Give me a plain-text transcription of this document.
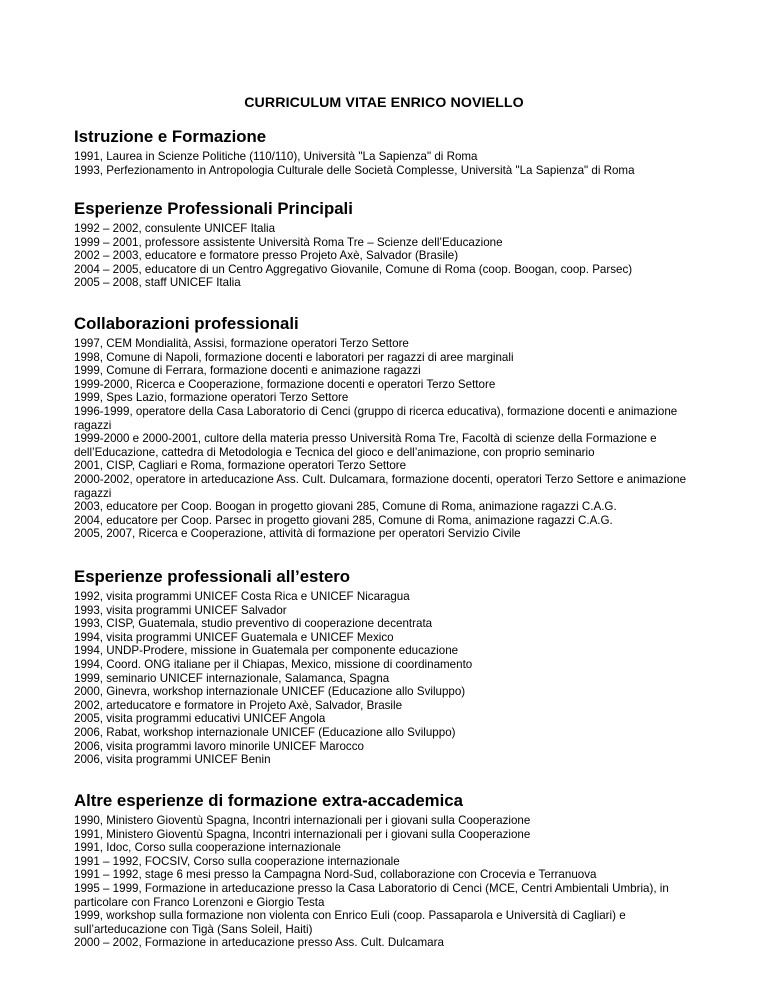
CURRICULUM VITAE ENRICO NOVIELLO
Istruzione e Formazione
1991, Laurea in Scienze Politiche (110/110), Università "La Sapienza" di Roma
1993, Perfezionamento in Antropologia Culturale delle Società Complesse, Università "La Sapienza" di Roma
Esperienze Professionali Principali
1992 – 2002, consulente UNICEF Italia
1999 – 2001, professore assistente Università Roma Tre – Scienze dell’Educazione
2002 – 2003, educatore e formatore presso Projeto Axè, Salvador (Brasile)
2004 – 2005, educatore di un Centro Aggregativo Giovanile, Comune di Roma (coop. Boogan, coop. Parsec)
2005 – 2008, staff UNICEF Italia
Collaborazioni professionali
1997, CEM Mondialità, Assisi, formazione operatori Terzo Settore
1998, Comune di Napoli, formazione docenti e laboratori per ragazzi di aree marginali
1999, Comune di Ferrara, formazione docenti e animazione ragazzi
1999-2000, Ricerca e Cooperazione, formazione docenti e operatori Terzo Settore
1999, Spes Lazio, formazione operatori Terzo Settore
1996-1999, operatore della Casa Laboratorio di Cenci (gruppo di ricerca educativa), formazione docenti e animazione ragazzi
1999-2000 e 2000-2001, cultore della materia presso Università Roma Tre, Facoltà di scienze della Formazione e dell’Educazione, cattedra di Metodologia e Tecnica del gioco e dell’animazione, con proprio seminario
2001, CISP, Cagliari e Roma, formazione operatori Terzo Settore
2000-2002, operatore in arteducazione Ass. Cult. Dulcamara, formazione docenti, operatori Terzo Settore e animazione ragazzi
2003, educatore per Coop. Boogan in progetto giovani 285, Comune di Roma, animazione ragazzi C.A.G.
2004, educatore per Coop. Parsec in progetto giovani 285, Comune di Roma, animazione ragazzi C.A.G.
2005, 2007, Ricerca e Cooperazione, attività di formazione per operatori Servizio Civile
Esperienze professionali all’estero
1992, visita programmi UNICEF Costa Rica e UNICEF Nicaragua
1993, visita programmi UNICEF Salvador
1993, CISP, Guatemala, studio preventivo di cooperazione decentrata
1994, visita programmi UNICEF Guatemala e UNICEF Mexico
1994, UNDP-Prodere, missione in Guatemala per componente educazione
1994, Coord. ONG italiane per il Chiapas, Mexico, missione di coordinamento
1999, seminario UNICEF internazionale, Salamanca, Spagna
2000, Ginevra, workshop internazionale UNICEF (Educazione allo Sviluppo)
2002, arteducatore e formatore in Projeto Axè, Salvador, Brasile
2005, visita programmi educativi UNICEF Angola
2006, Rabat, workshop internazionale UNICEF (Educazione allo Sviluppo)
2006, visita programmi lavoro minorile UNICEF Marocco
2006, visita programmi UNICEF Benin
Altre esperienze di formazione extra-accademica
1990, Ministero Gioventù Spagna, Incontri internazionali per i giovani sulla Cooperazione
1991, Ministero Gioventù Spagna, Incontri internazionali per i giovani sulla Cooperazione
1991, Idoc, Corso sulla cooperazione internazionale
1991 – 1992, FOCSIV, Corso sulla cooperazione internazionale
1991 – 1992, stage 6 mesi presso la Campagna Nord-Sud, collaborazione con Crocevia e Terranuova
1995 – 1999, Formazione in arteducazione presso la Casa Laboratorio di Cenci (MCE, Centri Ambientali Umbria), in particolare con Franco Lorenzoni e Giorgio Testa
1999, workshop sulla formazione non violenta con Enrico Euli (coop. Passaparola e Università di Cagliari) e sull’arteducazione con Tigà (Sans Soleil, Haiti)
2000 – 2002, Formazione in arteducazione presso Ass. Cult. Dulcamara
